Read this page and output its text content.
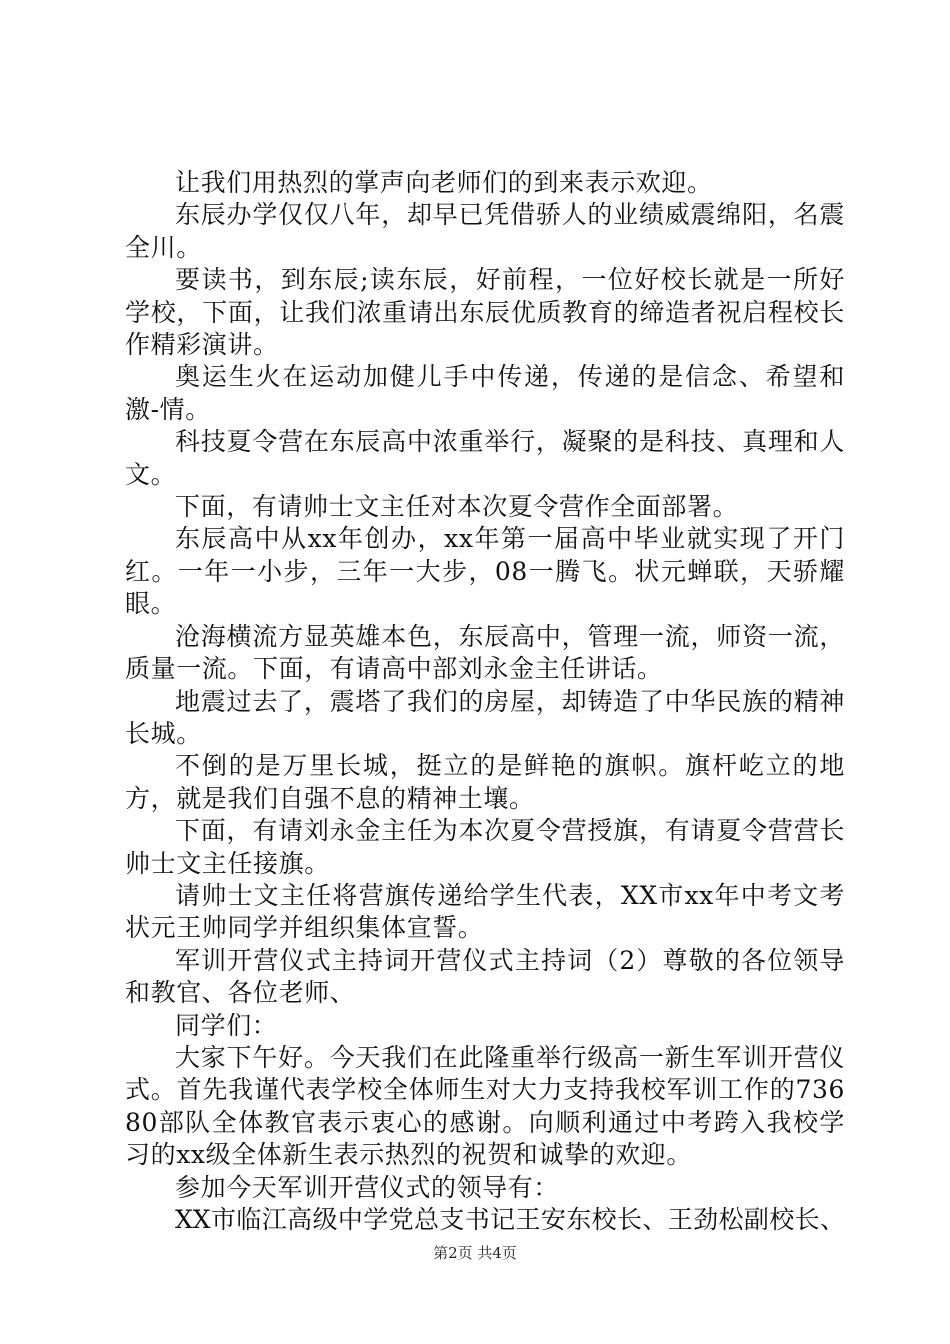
让我们用热烈的掌声向老师们的到来表示欢迎。

东辰办学仅仅八年，却早已凭借骄人的业绩威震绵阳，名震全川。

要读书，到东辰;读东辰，好前程，一位好校长就是一所好学校，下面，让我们浓重请出东辰优质教育的缔造者祝启程校长作精彩演讲。

奥运生火在运动加健儿手中传递，传递的是信念、希望和激-情。

科技夏令营在东辰高中浓重举行，凝聚的是科技、真理和人文。

下面，有请帅士文主任对本次夏令营作全面部署。

东辰高中从xx年创办，xx年第一届高中毕业就实现了开门红。一年一小步，三年一大步，08一腾飞。状元蝉联，天骄耀眼。

沧海横流方显英雄本色，东辰高中，管理一流，师资一流，质量一流。下面，有请高中部刘永金主任讲话。

地震过去了，震塔了我们的房屋，却铸造了中华民族的精神长城。

不倒的是万里长城，挺立的是鲜艳的旗帜。旗杆屹立的地方，就是我们自强不息的精神土壤。

下面，有请刘永金主任为本次夏令营授旗，有请夏令营营长帅士文主任接旗。

请帅士文主任将营旗传递给学生代表，XX市xx年中考文考状元王帅同学并组织集体宣誓。

军训开营仪式主持词开营仪式主持词（2）尊敬的各位领导和教官、各位老师、

同学们：

大家下午好。今天我们在此隆重举行级高一新生军训开营仪式。首先我谨代表学校全体师生对大力支持我校军训工作的73680部队全体教官表示衷心的感谢。向顺利通过中考跨入我校学习的xx级全体新生表示热烈的祝贺和诚挚的欢迎。

参加今天军训开营仪式的领导有：

XX市临江高级中学党总支书记王安东校长、王劲松副校长、

第2页 共4页
